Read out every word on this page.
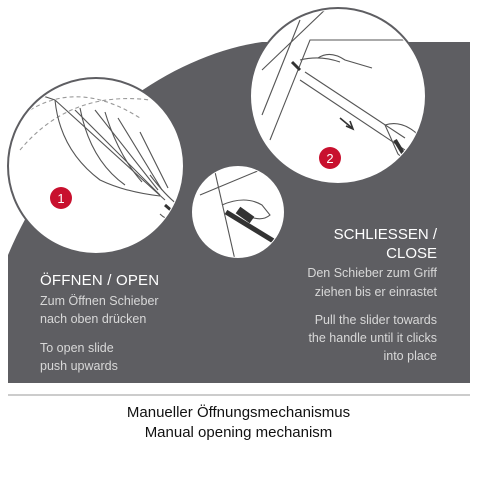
1
2
ÖFFNEN / OPEN
Zum Öffnen Schieber
nach oben drücken
To open slide
push upwards
SCHLIESSEN /
CLOSE
Den Schieber zum Griff
ziehen bis er einrastet
Pull the slider towards
the handle until it clicks
into place
Manueller Öffnungsmechanismus
Manual opening mechanism
